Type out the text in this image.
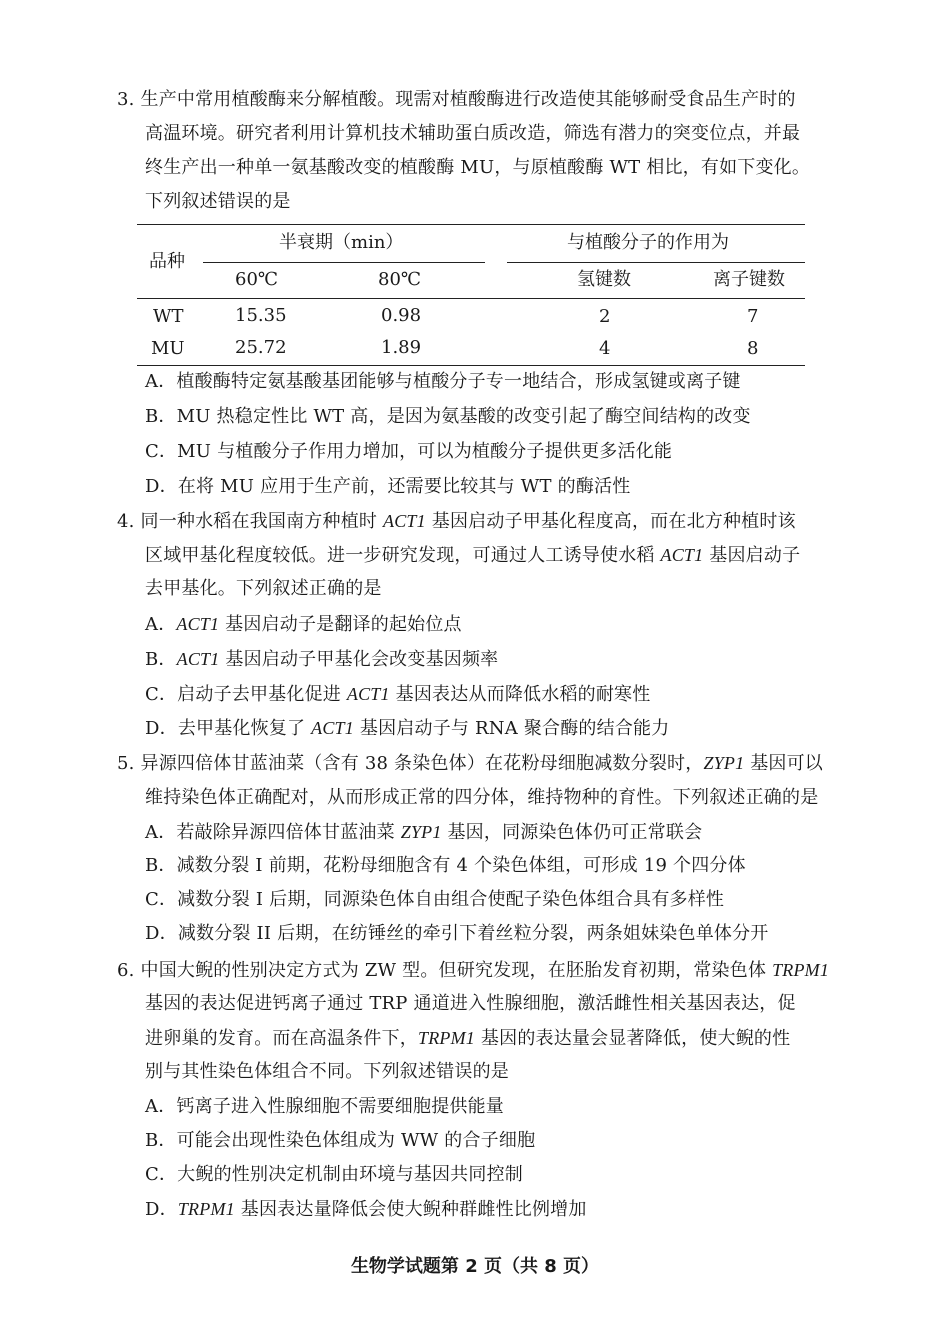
3. 生产中常用植酸酶来分解植酸。现需对植酸酶进行改造使其能够耐受食品生产时的
高温环境。研究者利用计算机技术辅助蛋白质改造，筛选有潜力的突变位点，并最
终生产出一种单一氨基酸改变的植酸酶 MU，与原植酸酶 WT 相比，有如下变化。
下列叙述错误的是
品种
半衰期（min）	与植酸分子的作用为
60℃	80℃	氢键数	离子键数
WT	15.35	0.98	2	7
MU	25.72	1.89	4	8
A．植酸酶特定氨基酸基团能够与植酸分子专一地结合，形成氢键或离子键
B．MU 热稳定性比 WT 高，是因为氨基酸的改变引起了酶空间结构的改变
C．MU 与植酸分子作用力增加，可以为植酸分子提供更多活化能
D．在将 MU 应用于生产前，还需要比较其与 WT 的酶活性
4. 同一种水稻在我国南方种植时 ACT1 基因启动子甲基化程度高，而在北方种植时该
区域甲基化程度较低。进一步研究发现，可通过人工诱导使水稻 ACT1 基因启动子
去甲基化。下列叙述正确的是
A．ACT1 基因启动子是翻译的起始位点
B．ACT1 基因启动子甲基化会改变基因频率
C．启动子去甲基化促进 ACT1 基因表达从而降低水稻的耐寒性
D．去甲基化恢复了 ACT1 基因启动子与 RNA 聚合酶的结合能力
5. 异源四倍体甘蓝油菜（含有 38 条染色体）在花粉母细胞减数分裂时，ZYP1 基因可以
维持染色体正确配对，从而形成正常的四分体，维持物种的育性。下列叙述正确的是
A．若敲除异源四倍体甘蓝油菜 ZYP1 基因，同源染色体仍可正常联会
B．减数分裂 I 前期，花粉母细胞含有 4 个染色体组，可形成 19 个四分体
C．减数分裂 I 后期，同源染色体自由组合使配子染色体组合具有多样性
D．减数分裂 II 后期，在纺锤丝的牵引下着丝粒分裂，两条姐妹染色单体分开
6. 中国大鲵的性别决定方式为 ZW 型。但研究发现，在胚胎发育初期，常染色体 TRPM1
基因的表达促进钙离子通过 TRP 通道进入性腺细胞，激活雌性相关基因表达，促
进卵巢的发育。而在高温条件下，TRPM1 基因的表达量会显著降低，使大鲵的性
别与其性染色体组合不同。下列叙述错误的是
A．钙离子进入性腺细胞不需要细胞提供能量
B．可能会出现性染色体组成为 WW 的合子细胞
C．大鲵的性别决定机制由环境与基因共同控制
D．TRPM1 基因表达量降低会使大鲵种群雌性比例增加
生物学试题第 2 页（共 8 页）
